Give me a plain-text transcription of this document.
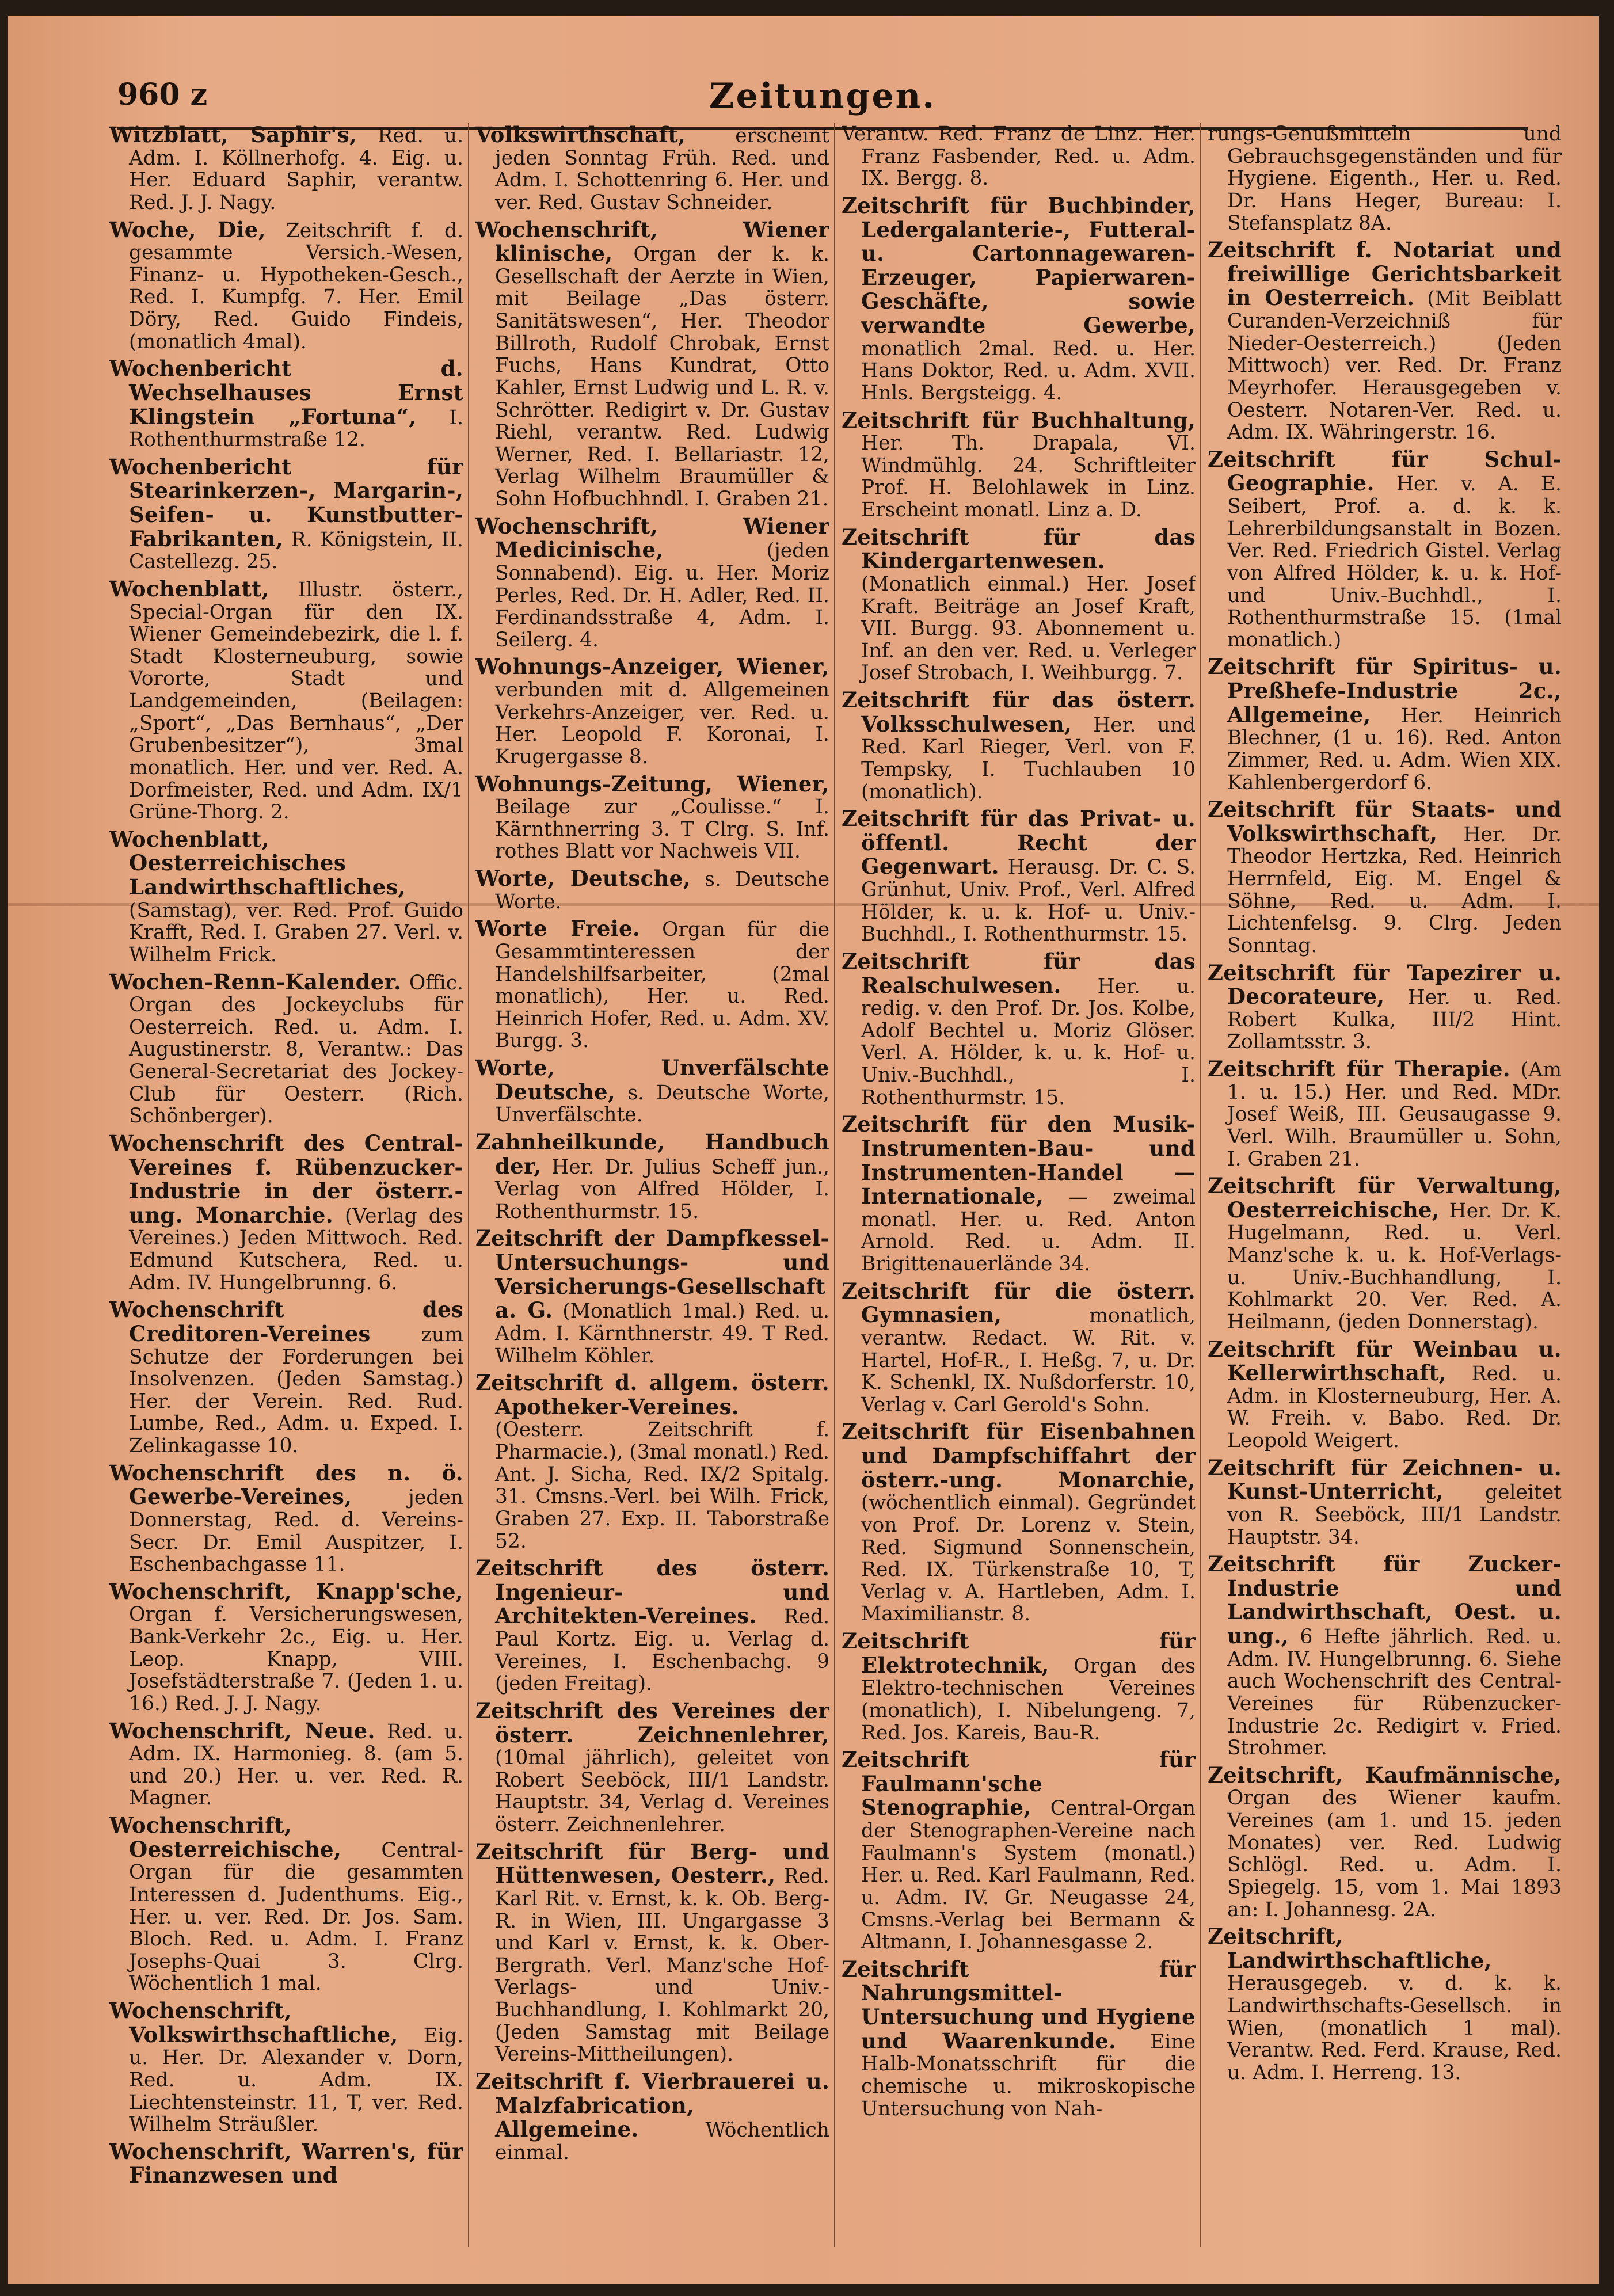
960 z	Zeitungen.

Witzblatt, Saphir's, Red. u. Adm. I. Köllnerhofg. 4. Eig. u. Her. Eduard Saphir, verantw. Red. J. J. Nagy.

Woche, Die, Zeitschrift f. d. gesammte Versich.-Wesen, Finanz- u. Hypotheken-Gesch., Red. I. Kumpfg. 7. Her. Emil Döry, Red. Guido Findeis, (monatlich 4mal).

Wochenbericht d. Wechselhauses Ernst Klingstein „Fortuna“, I. Rothenthurmstraße 12.

Wochenbericht für Stearinkerzen-, Margarin-, Seifen- u. Kunstbutter-Fabrikanten, R. Königstein, II. Castellezg. 25.

Wochenblatt, Illustr. österr., Special-Organ für den IX. Wiener Gemeindebezirk, die l. f. Stadt Klosterneuburg, sowie Vororte, Stadt und Landgemeinden, (Beilagen: „Sport“, „Das Bernhaus“, „Der Grubenbesitzer“), 3mal monatlich. Her. und ver. Red. A. Dorfmeister, Red. und Adm. IX/1 Grüne-Thorg. 2.

Wochenblatt, Oesterreichisches Landwirthschaftliches, (Samstag), ver. Red. Prof. Guido Krafft, Red. I. Graben 27. Verl. v. Wilhelm Frick.

Wochen-Renn-Kalender. Offic. Organ des Jockeyclubs für Oesterreich. Red. u. Adm. I. Augustinerstr. 8, Verantw.: Das General-Secretariat des Jockey-Club für Oesterr. (Rich. Schönberger).

Wochenschrift des Central-Vereines f. Rübenzucker-Industrie in der österr.-ung. Monarchie. (Verlag des Vereines.) Jeden Mittwoch. Red. Edmund Kutschera, Red. u. Adm. IV. Hungelbrunng. 6.

Wochenschrift des Creditoren-Vereines	zum Schutze der Forderungen bei Insolvenzen. (Jeden Samstag.) Her. der Verein. Red. Rud. Lumbe, Red., Adm. u. Exped. I. Zelinkagasse 10.

Wochenschrift des n. ö. Gewerbe-Vereines,	jeden Donnerstag, Red. d. Vereins-Secr. Dr. Emil Auspitzer, I. Eschenbachgasse 11.

Wochenschrift, Knapp'sche, Organ f. Versicherungswesen, Bank-Verkehr 2c., Eig. u. Her. Leop. Knapp, VIII. Josefstädterstraße 7. (Jeden 1. u. 16.) Red. J. J. Nagy.

Wochenschrift, Neue. Red. u. Adm. IX. Harmonieg. 8. (am 5. und 20.) Her. u. ver. Red. R. Magner.

Wochenschrift, Oesterreichische, Central-Organ für die gesammten Interessen d. Judenthums. Eig., Her. u. ver. Red. Dr. Jos. Sam. Bloch. Red. u. Adm. I. Franz Josephs-Quai 3. Clrg. Wöchentlich 1 mal.

Wochenschrift, Volkswirthschaftliche, Eig. u. Her. Dr. Alexander v. Dorn, Red. u. Adm. IX. Liechtensteinstr. 11, T, ver. Red. Wilhelm Sträußler.

Wochenschrift, Warren's, für Finanzwesen und

Volkswirthschaft, erscheint jeden Sonntag Früh. Red. und Adm. I. Schottenring 6. Her. und ver. Red. Gustav Schneider.

Wochenschrift, Wiener klinische, Organ der k. k. Gesellschaft der Aerzte in Wien, mit Beilage „Das österr. Sanitätswesen“, Her. Theodor Billroth, Rudolf Chrobak, Ernst Fuchs, Hans Kundrat, Otto Kahler, Ernst Ludwig und L. R. v. Schrötter. Redigirt v. Dr. Gustav Riehl, verantw. Red. Ludwig Werner, Red. I. Bellariastr. 12, Verlag Wilhelm Braumüller & Sohn Hofbuchhndl. I. Graben 21.

Wochenschrift, Wiener Medicinische,	(jeden Sonnabend). Eig. u. Her. Moriz Perles, Red. Dr. H. Adler, Red. II. Ferdinandsstraße 4, Adm. I. Seilerg. 4.

Wohnungs-Anzeiger, Wiener, verbunden mit d. Allgemeinen Verkehrs-Anzeiger, ver. Red. u. Her. Leopold F. Koronai, I. Krugergasse 8.

Wohnungs-Zeitung, Wiener, Beilage zur „Coulisse.“ I. Kärnthnerring 3. T Clrg. S. Inf. rothes Blatt vor Nachweis VII.

Worte, Deutsche, s. Deutsche Worte.

Worte Freie. Organ für die Gesammtinteressen der Handelshilfsarbeiter, (2mal monatlich), Her. u. Red. Heinrich Hofer, Red. u. Adm. XV. Burgg. 3.

Worte, Unverfälschte Deutsche, s. Deutsche Worte, Unverfälschte.

Zahnheilkunde, Handbuch der, Her. Dr. Julius Scheff jun., Verlag von Alfred Hölder, I. Rothenthurmstr. 15.

Zeitschrift der Dampfkessel-Untersuchungs- und Versicherungs-Gesellschaft a. G. (Monatlich 1mal.) Red. u. Adm. I. Kärnthnerstr. 49. T Red. Wilhelm Köhler.

Zeitschrift d. allgem. österr. Apotheker-Vereines. (Oesterr. Zeitschrift f. Pharmacie.), (3mal monatl.) Red. Ant. J. Sicha, Red. IX/2 Spitalg. 31. Cmsns.-Verl. bei Wilh. Frick, Graben 27. Exp. II. Taborstraße 52.

Zeitschrift des österr. Ingenieur- und Architekten-Vereines. Red. Paul Kortz. Eig. u. Verlag d. Vereines, I. Eschenbachg. 9 (jeden Freitag).

Zeitschrift des Vereines der österr. Zeichnenlehrer, (10mal jährlich), geleitet von Robert Seeböck, III/1 Landstr. Hauptstr. 34, Verlag d. Vereines österr. Zeichnenlehrer.

Zeitschrift für Berg- und Hüttenwesen, Oesterr., Red. Karl Rit. v. Ernst, k. k. Ob. Berg-R. in Wien, III. Ungargasse 3 und Karl v. Ernst, k. k. Ober-Bergrath. Verl. Manz'sche Hof-Verlags- und Univ.-Buchhandlung, I. Kohlmarkt 20, (Jeden Samstag mit Beilage Vereins-Mittheilungen).

Zeitschrift f. Vierbrauerei u. Malzfabrication, Allgemeine.	Wöchentlich einmal.

Verantw. Red. Franz de Linz. Her. Franz Fasbender, Red. u. Adm. IX. Bergg. 8.

Zeitschrift für Buchbinder, Ledergalanterie-, Futteral- u. Cartonnagewaren-Erzeuger, Papierwaren-Geschäfte, sowie verwandte Gewerbe, monatlich 2mal. Red. u. Her. Hans Doktor, Red. u. Adm. XVII. Hnls. Bergsteigg. 4.

Zeitschrift für Buchhaltung, Her. Th. Drapala, VI. Windmühlg. 24. Schriftleiter Prof. H. Belohlawek in Linz. Erscheint monatl. Linz a. D.

Zeitschrift für das Kindergartenwesen. (Monatlich einmal.) Her. Josef Kraft. Beiträge an Josef Kraft, VII. Burgg. 93. Abonnement u. Inf. an den ver. Red. u. Verleger Josef Strobach, I. Weihburgg. 7.

Zeitschrift für das österr. Volksschulwesen, Her. und Red. Karl Rieger, Verl. von F. Tempsky, I. Tuchlauben 10 (monatlich).

Zeitschrift für das Privat- u. öffentl. Recht der Gegenwart. Herausg. Dr. C. S. Grünhut, Univ. Prof., Verl. Alfred Hölder, k. u. k. Hof- u. Univ.-Buchhdl., I. Rothenthurmstr. 15.

Zeitschrift für das Realschulwesen. Her. u. redig. v. den Prof. Dr. Jos. Kolbe, Adolf Bechtel u. Moriz Glöser. Verl. A. Hölder, k. u. k. Hof- u. Univ.-Buchhdl., I. Rothenthurmstr. 15.

Zeitschrift für den Musik-Instrumenten-Bau- und Instrumenten-Handel — Internationale, — zweimal monatl. Her. u. Red. Anton Arnold. Red. u. Adm. II. Brigittenauerlände 34.

Zeitschrift für die österr. Gymnasien,	monatlich, verantw. Redact. W. Rit. v. Hartel, Hof-R., I. Heßg. 7, u. Dr. K. Schenkl, IX. Nußdorferstr. 10, Verlag v. Carl Gerold's Sohn.

Zeitschrift für Eisenbahnen und Dampfschiffahrt der österr.-ung. Monarchie, (wöchentlich einmal). Gegründet von Prof. Dr. Lorenz v. Stein, Red. Sigmund Sonnenschein, Red. IX. Türkenstraße 10, T, Verlag v. A. Hartleben, Adm. I. Maximilianstr. 8.

Zeitschrift für Elektrotechnik, Organ des Elektro-technischen Vereines (monatlich), I. Nibelungeng. 7, Red. Jos. Kareis, Bau-R.

Zeitschrift für Faulmann'sche Stenographie, Central-Organ der Stenographen-Vereine nach Faulmann's System (monatl.) Her. u. Red. Karl Faulmann, Red. u. Adm. IV. Gr. Neugasse 24, Cmsns.-Verlag bei Bermann & Altmann, I. Johannesgasse 2.

Zeitschrift für Nahrungsmittel-Untersuchung und Hygiene und Waarenkunde. Eine Halb-Monatsschrift für die chemische u. mikroskopische Untersuchung von Nah-

rungs-Genußmitteln und Gebrauchsgegenständen und für Hygiene. Eigenth., Her. u. Red. Dr. Hans Heger, Bureau: I. Stefansplatz 8A.

Zeitschrift f. Notariat und freiwillige Gerichtsbarkeit in Oesterreich. (Mit Beiblatt Curanden-Verzeichniß für Nieder-Oesterreich.) (Jeden Mittwoch) ver. Red. Dr. Franz Meyrhofer. Herausgegeben v. Oesterr. Notaren-Ver. Red. u. Adm. IX. Währingerstr. 16.

Zeitschrift für Schul-Geographie. Her. v. A. E. Seibert, Prof. a. d. k. k. Lehrerbildungsanstalt in Bozen. Ver. Red. Friedrich Gistel. Verlag von Alfred Hölder, k. u. k. Hof- und Univ.-Buchhdl., I. Rothenthurmstraße 15. (1mal monatlich.)

Zeitschrift für Spiritus- u. Preßhefe-Industrie 2c., Allgemeine, Her. Heinrich Blechner, (1 u. 16). Red. Anton Zimmer, Red. u. Adm. Wien XIX. Kahlenbergerdorf 6.

Zeitschrift für Staats- und Volkswirthschaft, Her. Dr. Theodor Hertzka, Red. Heinrich Herrnfeld, Eig. M. Engel & Söhne, Red. u. Adm. I. Lichtenfelsg. 9. Clrg. Jeden Sonntag.

Zeitschrift für Tapezirer u. Decorateure, Her. u. Red. Robert Kulka, III/2 Hint. Zollamtsstr. 3.

Zeitschrift für Therapie. (Am 1. u. 15.) Her. und Red. MDr. Josef Weiß, III. Geusaugasse 9. Verl. Wilh. Braumüller u. Sohn, I. Graben 21.

Zeitschrift für Verwaltung, Oesterreichische, Her. Dr. K. Hugelmann, Red. u. Verl. Manz'sche k. u. k. Hof-Verlags- u. Univ.-Buchhandlung, I. Kohlmarkt 20. Ver. Red. A. Heilmann, (jeden Donnerstag).

Zeitschrift für Weinbau u. Kellerwirthschaft, Red. u. Adm. in Klosterneuburg, Her. A. W. Freih. v. Babo. Red. Dr. Leopold Weigert.

Zeitschrift für Zeichnen- u. Kunst-Unterricht, geleitet von R. Seeböck, III/1 Landstr. Hauptstr. 34.

Zeitschrift für Zucker-Industrie und Landwirthschaft, Oest. u. ung., 6 Hefte jährlich. Red. u. Adm. IV. Hungelbrunng. 6. Siehe auch Wochenschrift des Central-Vereines für Rübenzucker-Industrie 2c. Redigirt v. Fried. Strohmer.

Zeitschrift, Kaufmännische, Organ des Wiener kaufm. Vereines (am 1. und 15. jeden Monates) ver. Red. Ludwig Schlögl. Red. u. Adm. I. Spiegelg. 15, vom 1. Mai 1893 an: I. Johannesg. 2A.

Zeitschrift, Landwirthschaftliche, Herausgegeb. v. d. k. k. Landwirthschafts-Gesellsch. in Wien, (monatlich 1 mal). Verantw. Red. Ferd. Krause, Red. u. Adm. I. Herreng. 13.
